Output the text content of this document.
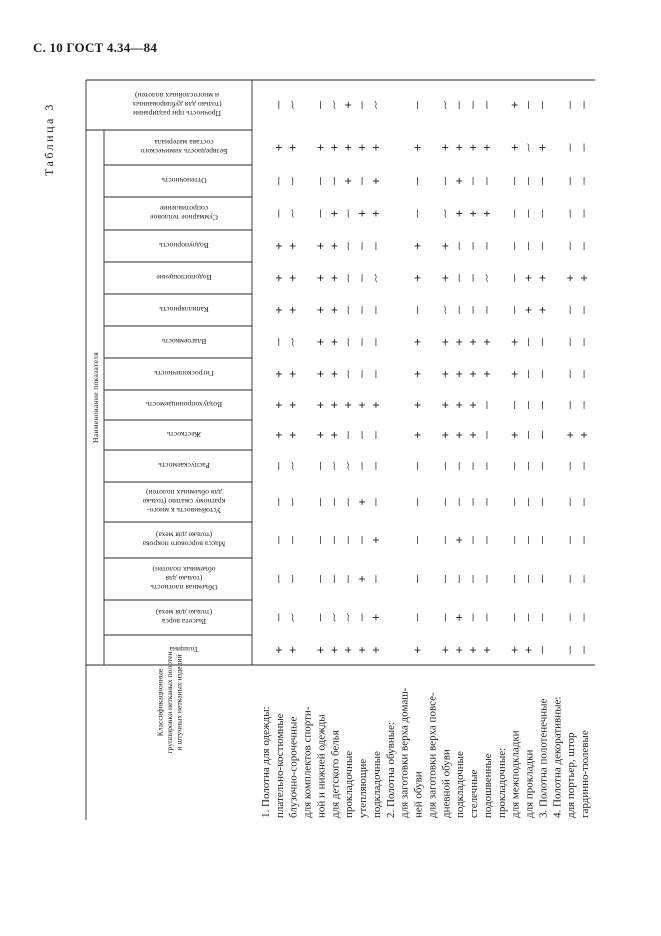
С. 10 ГОСТ 4.34—84
Таблица 3	Прочность при раздирании
(только для дублированных
и многослойных полотен)
Безвредность химического
состава материала
Оттеночность
Суммарное тепловое
сопротивление
Водоупорность
Водопоглощение
Капиллярность
Влагоемкость
Гигроскопичность
Воздухопроницаемость
Жесткость
Распускаемость
Устойчивость к много-
кратному сжатию (только
для объемных полотен)
Масса ворсового покрова
(только для меха)
Объемная плотность
(только для
объемных полотен)
Высота ворса
(только для меха)
Толщина
Наименование показателя
Классификационные группировки нетканых полотен и штучных нетканых изделий
1. Полотна для одежды: плательно-костюмные блузочно-сорочечные для комплектов спорти- ной и нижней одежды для детского белья прокладочные утепляющие подкладочные 2. Полотна обувные: для заготовки верха домаш- ней обуви для заготовки верха повсе- дневной обуви подкладочные стелечные подошвенные прокладочные: для межподкладки для прокладки 3. Полотна полотенечные 4. Полотна декоративные: для портьер, штор гардинно-тюлевые
